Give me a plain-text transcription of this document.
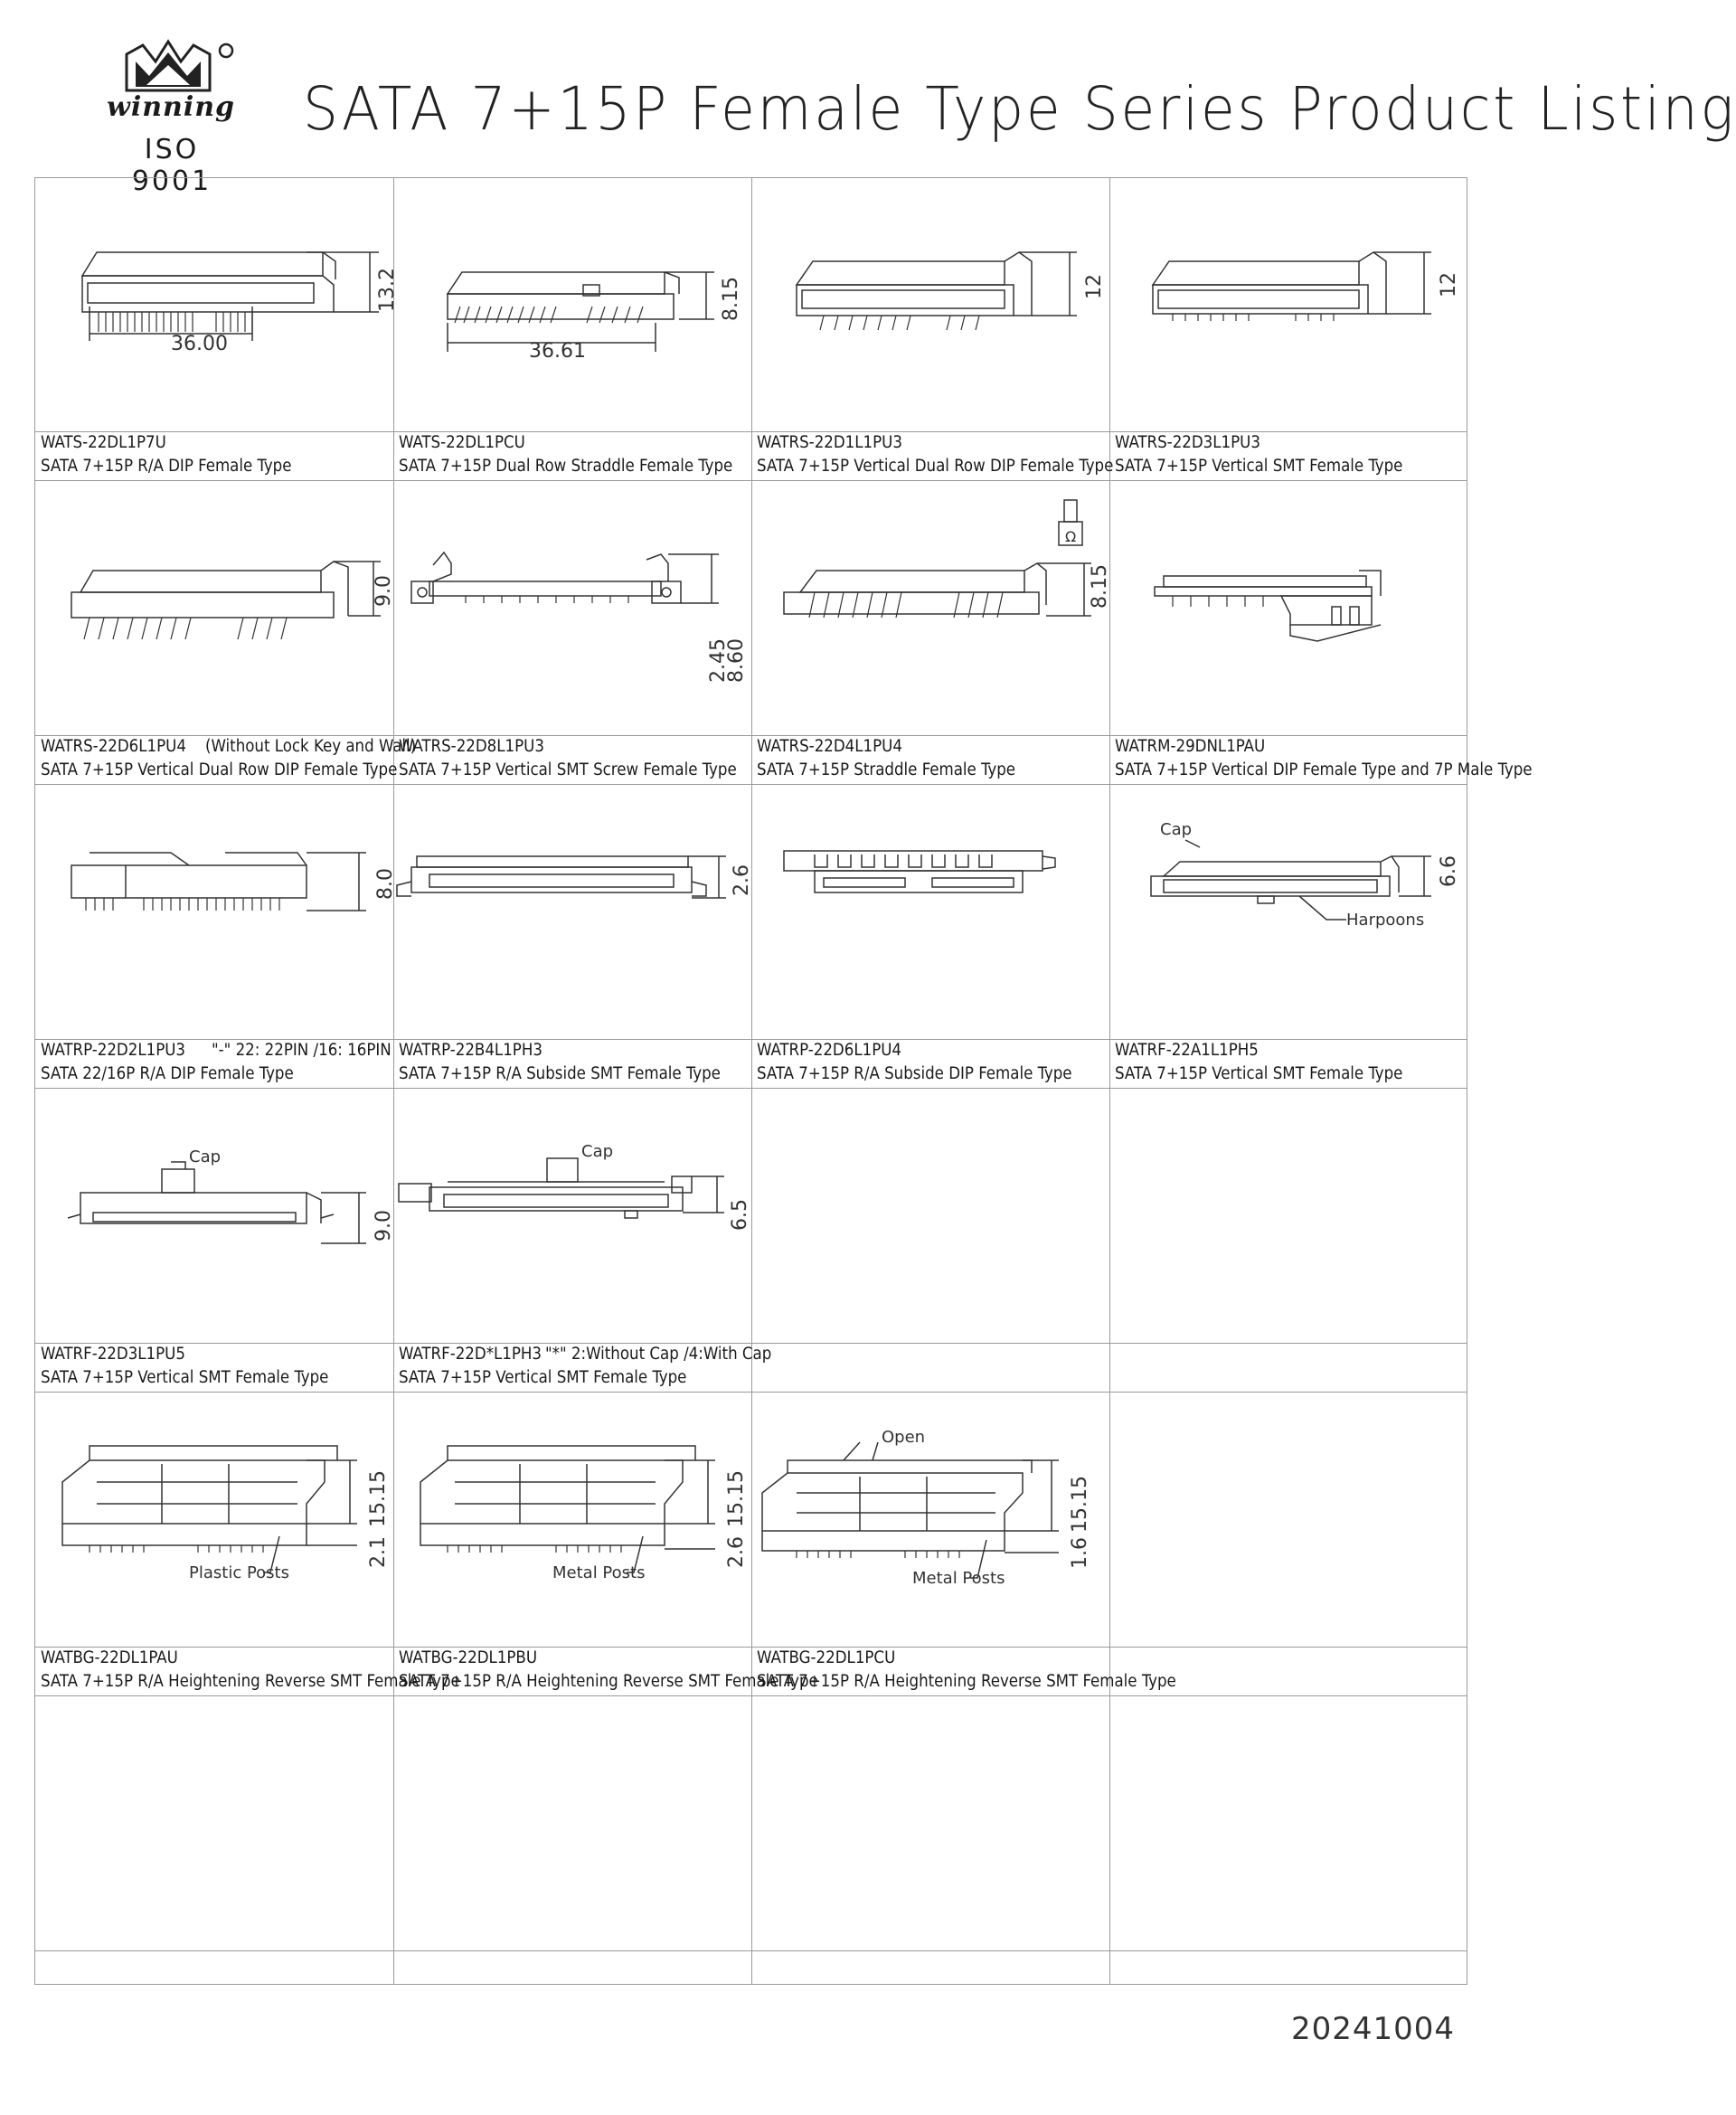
winning
ISO 9001
SATA 7+15P Female Type Series Product Listing
WATS-22DL1P7U
SATA 7+15P R/A DIP Female Type
WATS-22DL1PCU
SATA 7+15P Dual Row Straddle Female Type
WATRS-22D1L1PU3
SATA 7+15P Vertical Dual Row DIP Female Type
WATRS-22D3L1PU3
SATA 7+15P Vertical SMT Female Type
WATRS-22D6L1PU4 (Without Lock Key and Wall)
SATA 7+15P Vertical Dual Row DIP Female Type
WATRS-22D8L1PU3
SATA 7+15P Vertical SMT Screw Female Type
WATRS-22D4L1PU4
SATA 7+15P Straddle Female Type
WATRM-29DNL1PAU
SATA 7+15P Vertical DIP Female Type and 7P Male Type
WATRP-22D2L1PU3 "-" 22: 22PIN /16: 16PIN
SATA 22/16P R/A DIP Female Type
WATRP-22B4L1PH3
SATA 7+15P R/A Subside SMT Female Type
WATRP-22D6L1PU4
SATA 7+15P R/A Subside DIP Female Type
WATRF-22A1L1PH5
SATA 7+15P Vertical SMT Female Type
WATRF-22D3L1PU5
SATA 7+15P Vertical SMT Female Type
WATRF-22D*L1PH3 "*" 2:Without Cap /4:With Cap
SATA 7+15P Vertical SMT Female Type
WATBG-22DL1PAU
SATA 7+15P R/A Heightening Reverse SMT Female Type
WATBG-22DL1PBU
SATA 7+15P R/A Heightening Reverse SMT Female Type
WATBG-22DL1PCU
SATA 7+15P R/A Heightening Reverse SMT Female Type
36.00
13.2
36.61
8.15	12	12
9.0
2.45
8.60
Ω
8.15
8.0	2.6
Cap
Harpoons
6.6
Cap
9.0
Cap
6.5
Plastic Posts
15.15
2.1
Metal Posts
15.15
2.6
Open
Metal Posts
15.15
1.6
20241004
